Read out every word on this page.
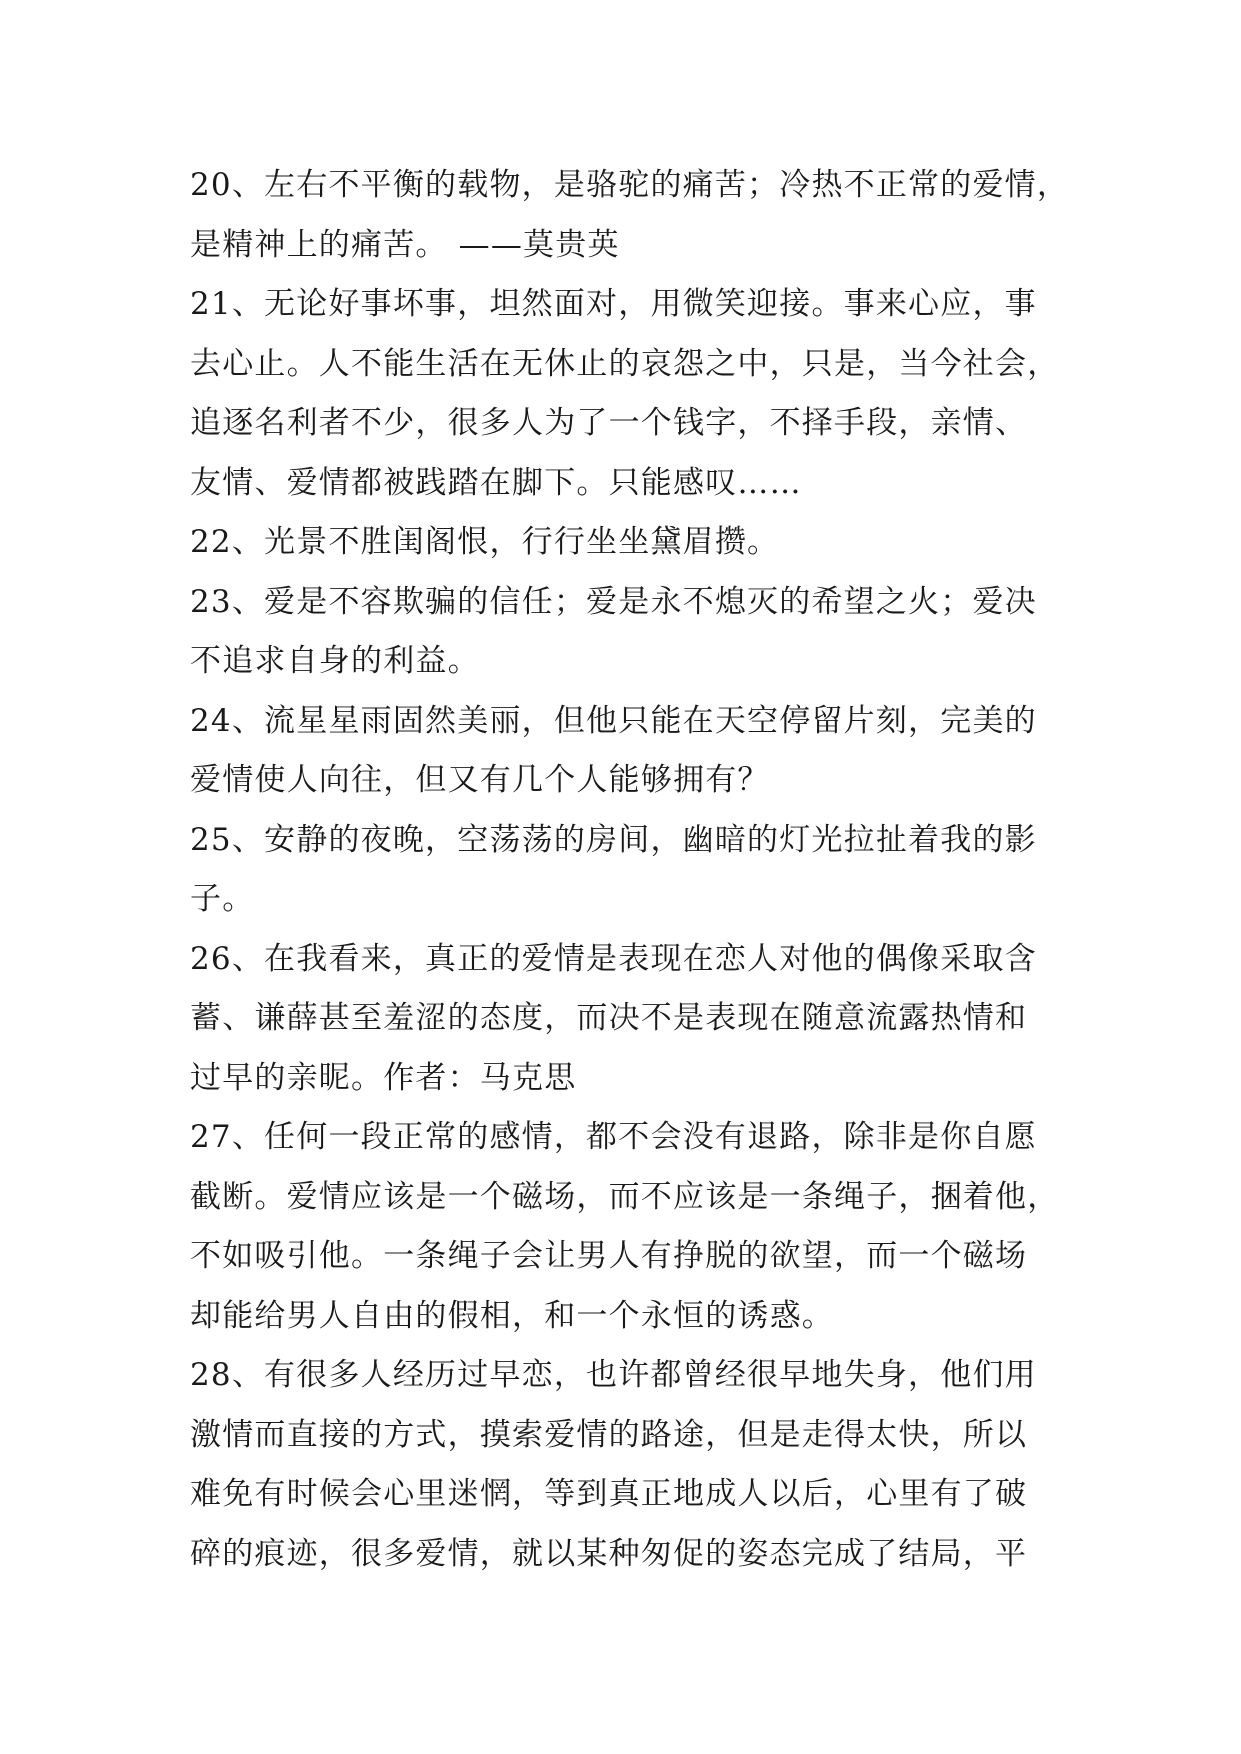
20、左右不平衡的载物，是骆驼的痛苦；冷热不正常的爱情，
是精神上的痛苦。 ——莫贵英
21、无论好事坏事，坦然面对，用微笑迎接。事来心应，事
去心止。人不能生活在无休止的哀怨之中，只是，当今社会，
追逐名利者不少，很多人为了一个钱字，不择手段，亲情、
友情、爱情都被践踏在脚下。只能感叹……
22、光景不胜闺阁恨，行行坐坐黛眉攒。
23、爱是不容欺骗的信任；爱是永不熄灭的希望之火；爱决
不追求自身的利益。
24、流星星雨固然美丽，但他只能在天空停留片刻，完美的
爱情使人向往，但又有几个人能够拥有？
25、安静的夜晚，空荡荡的房间，幽暗的灯光拉扯着我的影
子。
26、在我看来，真正的爱情是表现在恋人对他的偶像采取含
蓄、谦薛甚至羞涩的态度，而决不是表现在随意流露热情和
过早的亲昵。作者：马克思
27、任何一段正常的感情，都不会没有退路，除非是你自愿
截断。爱情应该是一个磁场，而不应该是一条绳子，捆着他，
不如吸引他。一条绳子会让男人有挣脱的欲望，而一个磁场
却能给男人自由的假相，和一个永恒的诱惑。
28、有很多人经历过早恋，也许都曾经很早地失身，他们用
激情而直接的方式，摸索爱情的路途，但是走得太快，所以
难免有时候会心里迷惘，等到真正地成人以后，心里有了破
碎的痕迹，很多爱情，就以某种匆促的姿态完成了结局，平
